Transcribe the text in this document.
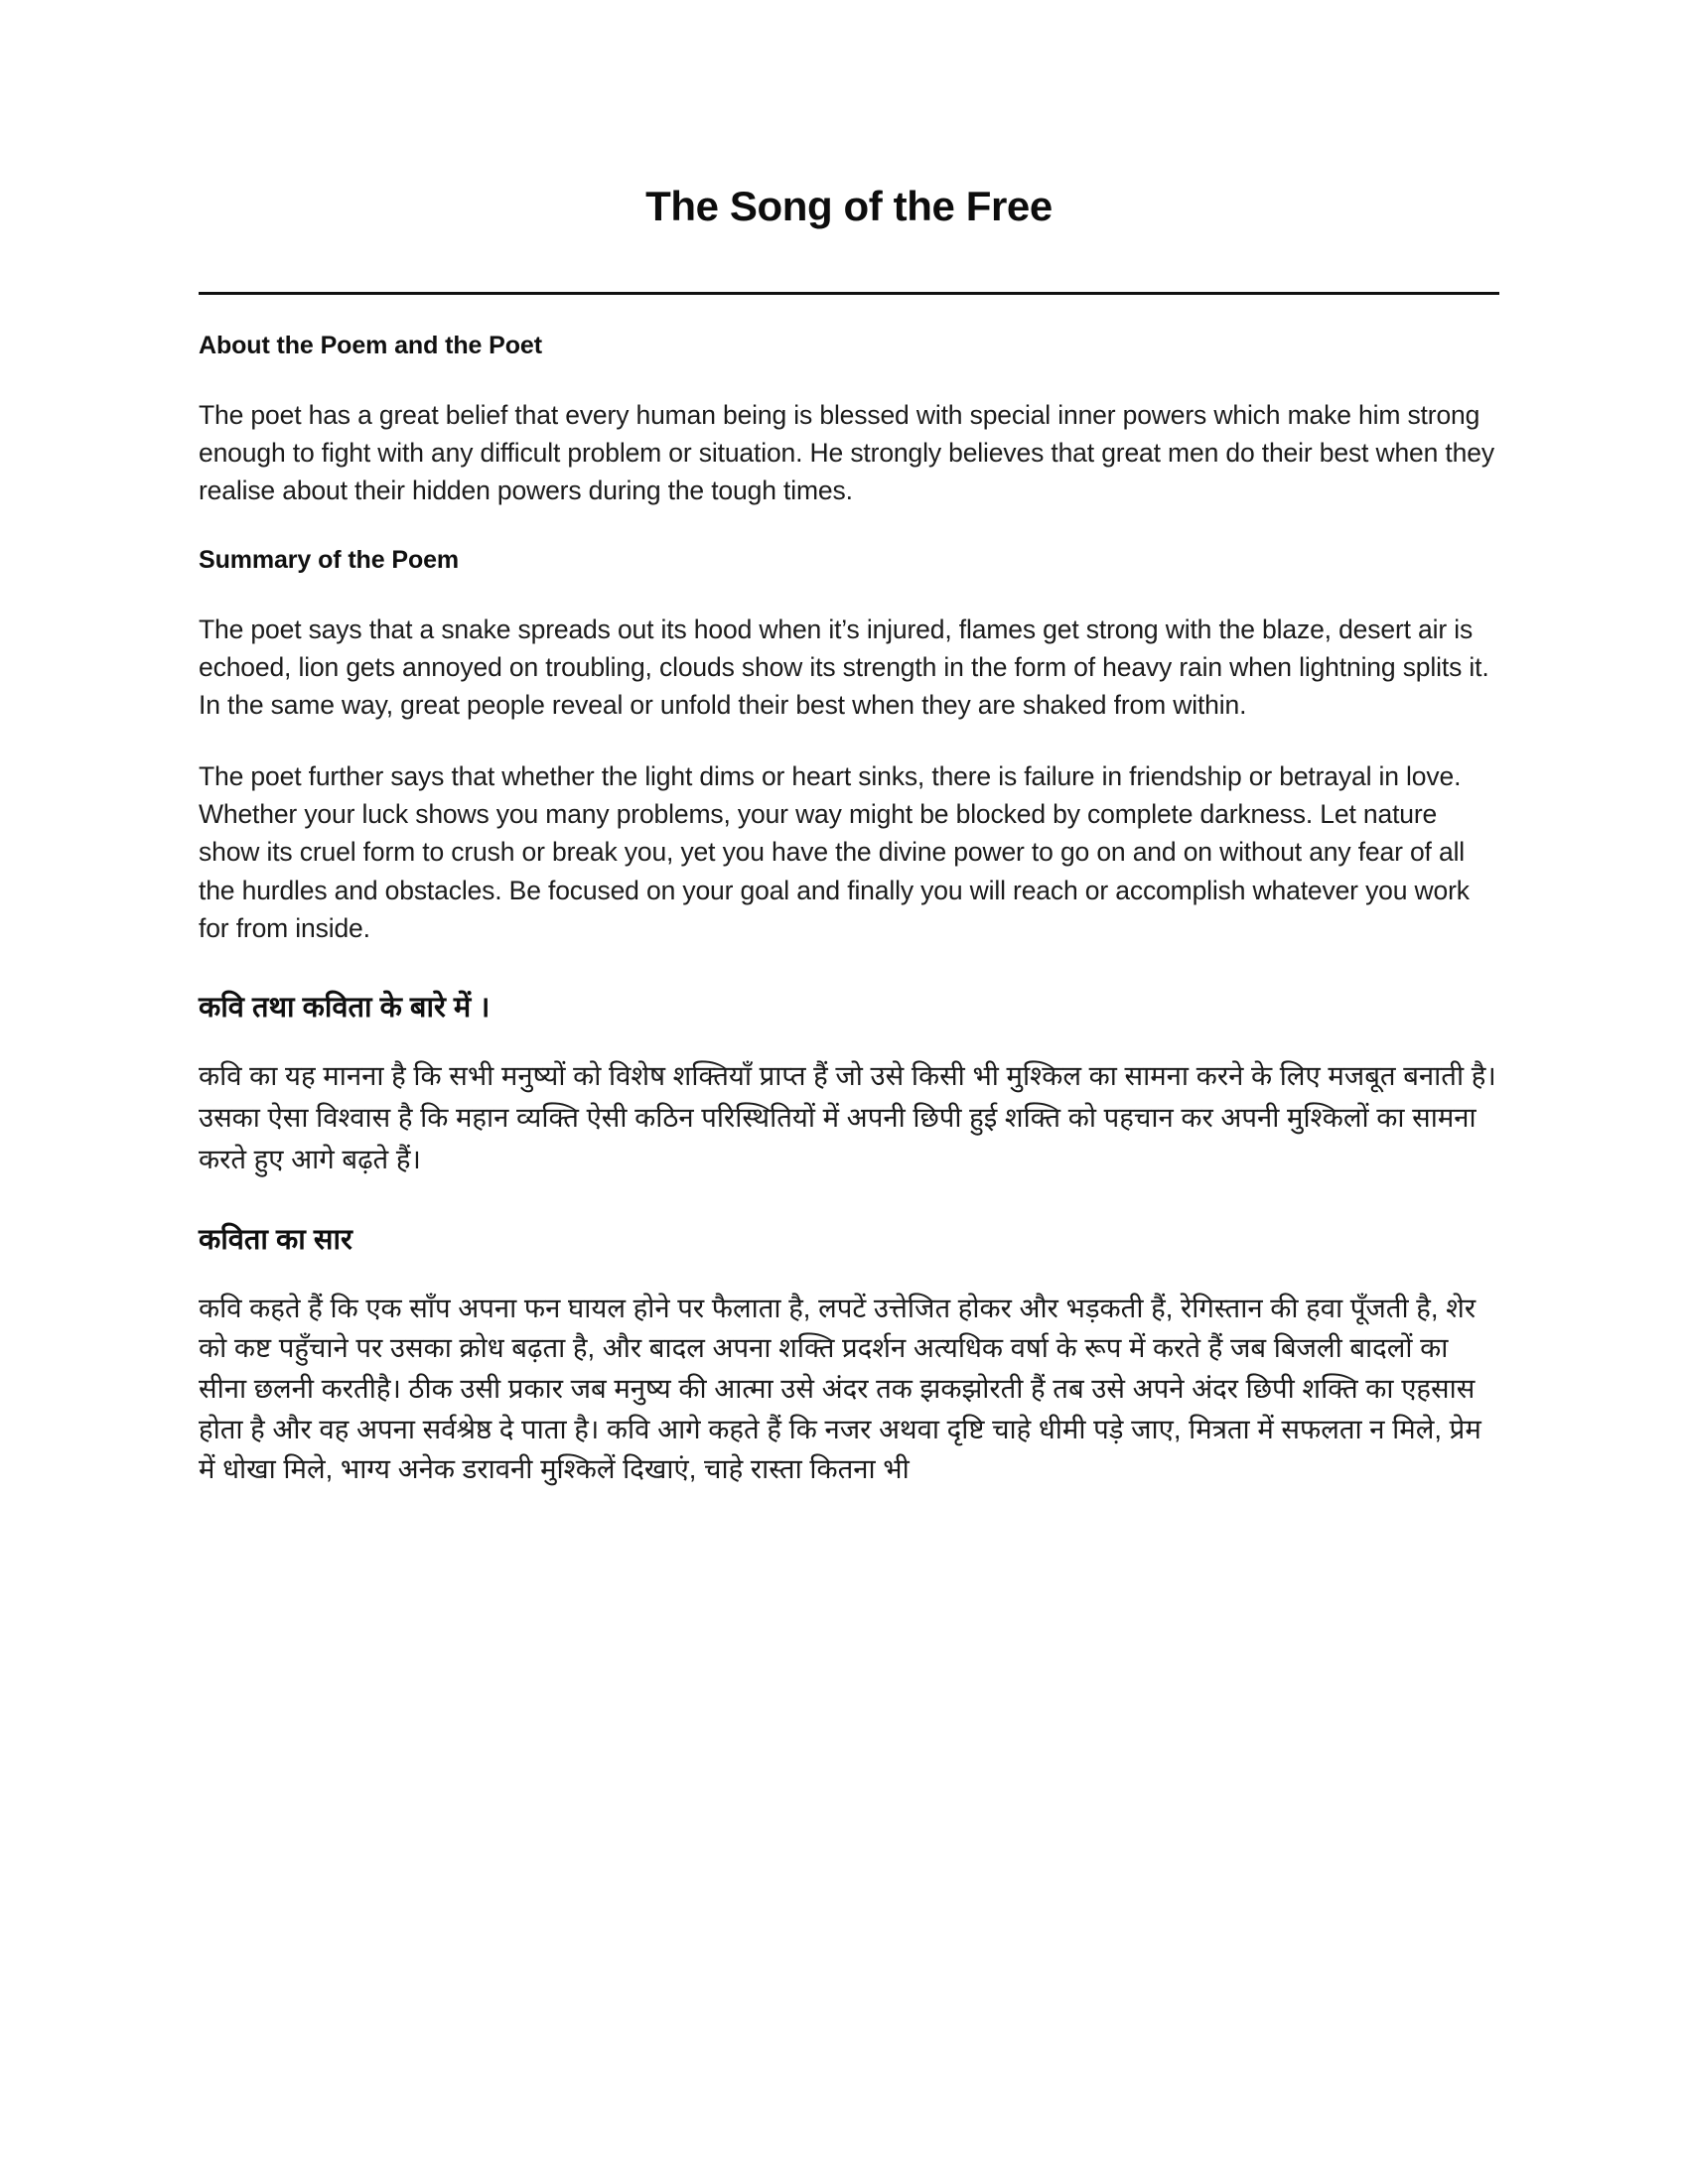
The Song of the Free
About the Poem and the Poet

The poet has a great belief that every human being is blessed with special inner powers which make him strong enough to fight with any difficult problem or situation. He strongly believes that great men do their best when they realise about their hidden powers during the tough times.

Summary of the Poem

The poet says that a snake spreads out its hood when it’s injured, flames get strong with the blaze, desert air is echoed, lion gets annoyed on troubling, clouds show its strength in the form of heavy rain when lightning splits it. In the same way, great people reveal or unfold their best when they are shaked from within.

The poet further says that whether the light dims or heart sinks, there is failure in friendship or betrayal in love. Whether your luck shows you many problems, your way might be blocked by complete darkness. Let nature show its cruel form to crush or break you, yet you have the divine power to go on and on without any fear of all the hurdles and obstacles. Be focused on your goal and finally you will reach or accomplish whatever you work for from inside.

कवि तथा कविता के बारे में ।

कवि का यह मानना है कि सभी मनुष्यों को विशेष शक्तियाँ प्राप्त हैं जो उसे किसी भी मुश्किल का सामना करने के लिए मजबूत बनाती है। उसका ऐसा विश्वास है कि महान व्यक्ति ऐसी कठिन परिस्थितियों में अपनी छिपी हुई शक्ति को पहचान कर अपनी मुश्किलों का सामना करते हुए आगे बढ़ते हैं।

कविता का सार

कवि कहते हैं कि एक साँप अपना फन घायल होने पर फैलाता है, लपटें उत्तेजित होकर और भड़कती हैं, रेगिस्तान की हवा पूँजती है, शेर को कष्ट पहुँचाने पर उसका क्रोध बढ़ता है, और बादल अपना शक्ति प्रदर्शन अत्यधिक वर्षा के रूप में करते हैं जब बिजली बादलों का सीना छलनी करतीहै। ठीक उसी प्रकार जब मनुष्य की आत्मा उसे अंदर तक झकझोरती हैं तब उसे अपने अंदर छिपी शक्ति का एहसास होता है और वह अपना सर्वश्रेष्ठ दे पाता है। कवि आगे कहते हैं कि नजर अथवा दृष्टि चाहे धीमी पड़े जाए, मित्रता में सफलता न मिले, प्रेम में धोखा मिले, भाग्य अनेक डरावनी मुश्किलें दिखाएं, चाहे रास्ता कितना भी
